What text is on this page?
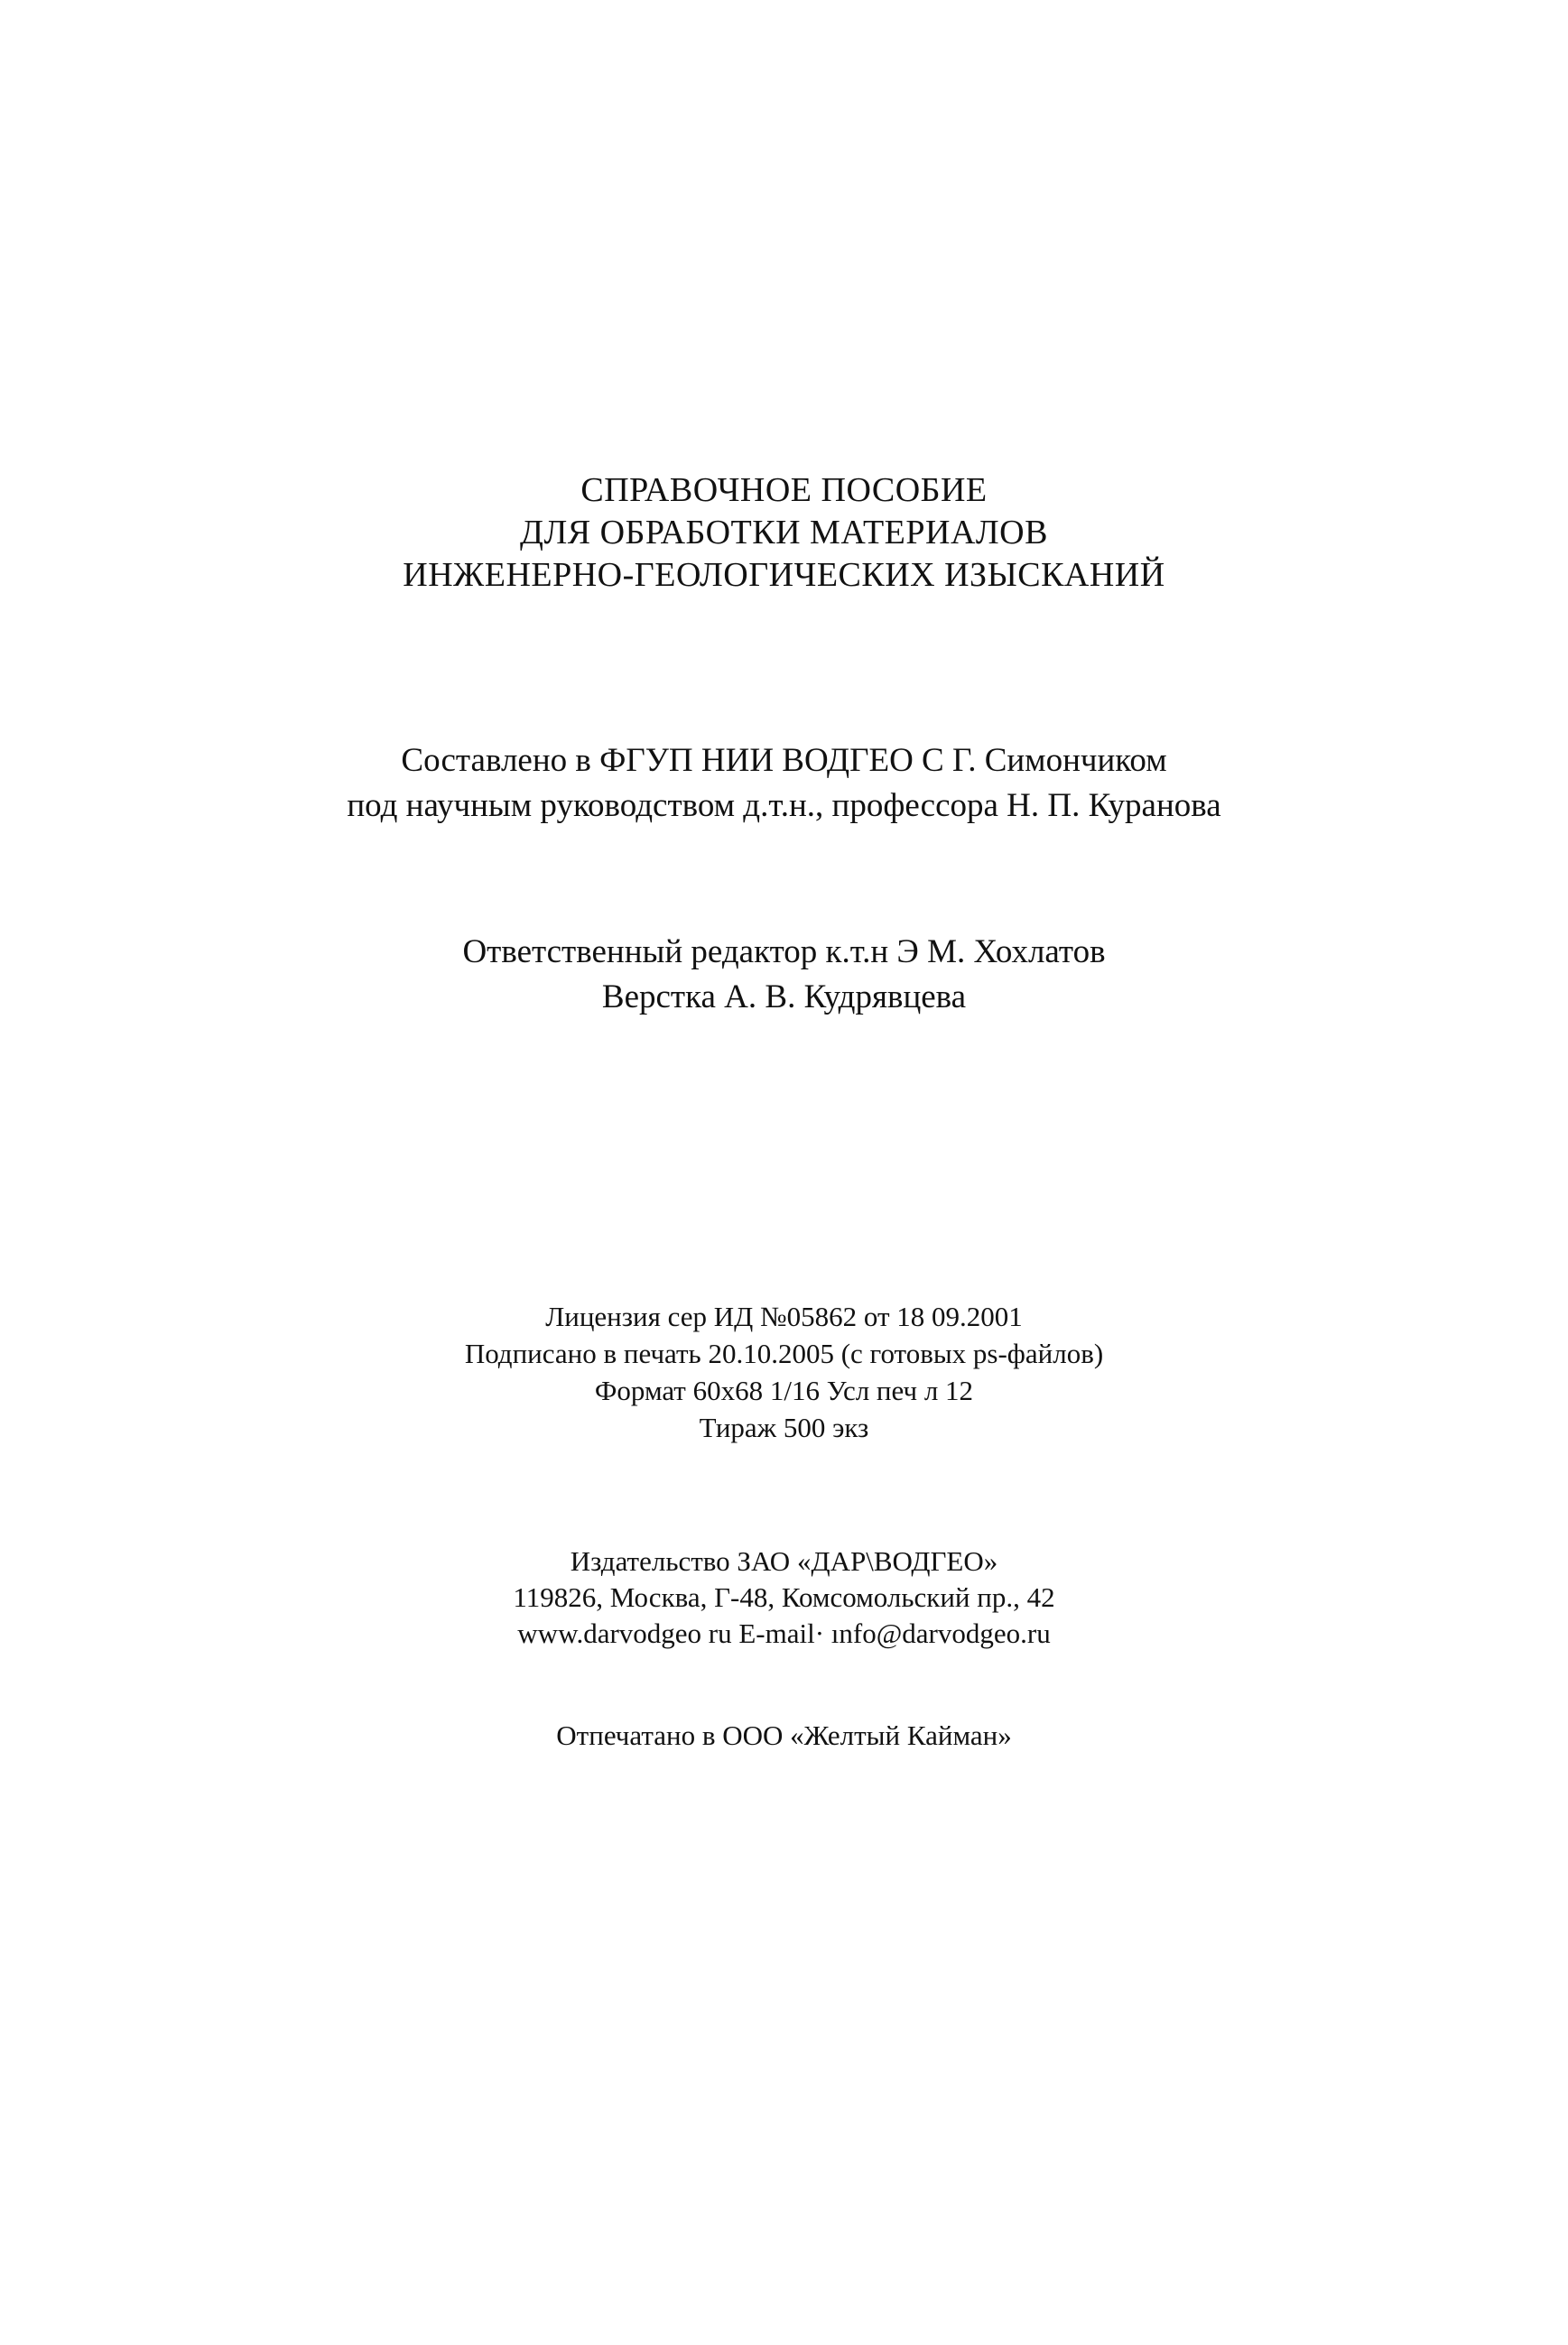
СПРАВОЧНОЕ ПОСОБИЕ
ДЛЯ ОБРАБОТКИ МАТЕРИАЛОВ
ИНЖЕНЕРНО-ГЕОЛОГИЧЕСКИХ ИЗЫСКАНИЙ
Составлено в ФГУП НИИ ВОДГЕО С Г. Симончиком
под научным руководством д.т.н., профессора Н. П. Куранова
Ответственный редактор к.т.н Э М. Хохлатов
Верстка А. В. Кудрявцева
Лицензия сер ИД №05862 от 18 09.2001
Подписано в печать 20.10.2005 (с готовых ps-файлов)
Формат 60x68 1/16 Усл печ л 12
Тираж 500 экз
Издательство ЗАО «ДАР\ВОДГЕО»
119826, Москва, Г-48, Комсомольский пр., 42
www.darvodgeo ru E-mail· ınfo@darvodgeo.ru
Отпечатано в ООО «Желтый Кайман»
